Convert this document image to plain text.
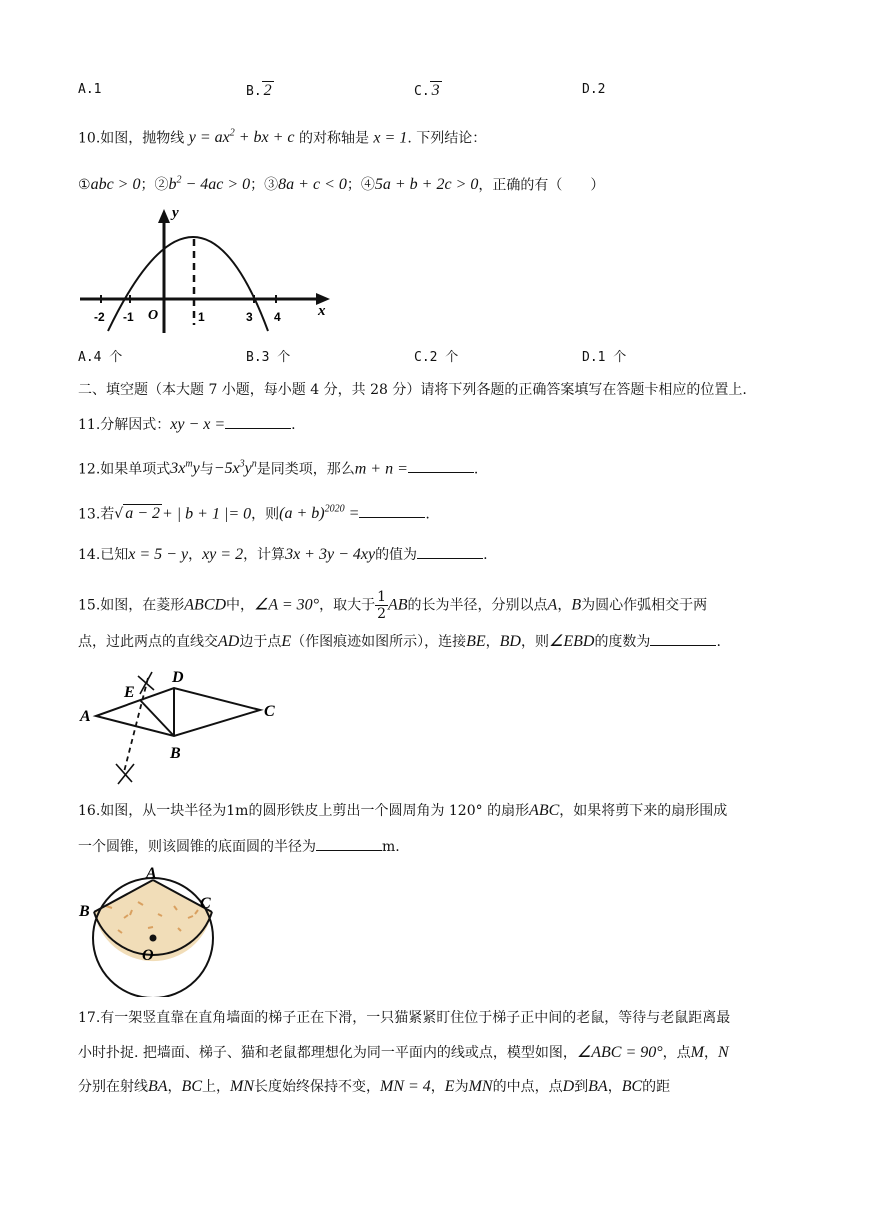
A.1	B. 2	C. 3	D.2
10.如图，抛物线 $y = ax^2$ + bx + c 的对称轴是 x = 1. 下列结论：
①abc > 0；$②b^2 - 4ac > 0$；③8a + c < 0；④5a + b + 2c > 0，正确的有（　　）
y
x
-2 -1 O	1	3 4
A.4 个	B.3 个	C.2 个	D.1 个
二、填空题（本大题 7 小题，每小题 4 分，共 28 分）请将下列各题的正确答案填写在答题卡相应的位置上.
11.分解因式：xy − x =	.
12.如果单项式$3x^my$与$-5x^3y^n$是同类项，那么m + n =	.
13.若√ a − 2 + | b + 1 |= 0，则$(a + b)^{2020}$ =	.
14.已知x = 5 − y，xy = 2，计算3x + 3y − 4xy的值为	.
15.如图，在菱形ABCD中，∠A = 30°，取大于 $\frac{1}{2}$ AB的长为半径，分别以点A，B为圆心作弧相交于两
点，过此两点的直线交AD边于点E（作图痕迹如图所示），连接BE，BD，则∠EBD的度数为	.
A
B
C
D
E
16.如图，从一块半径为1m的圆形铁皮上剪出一个圆周角为 120° 的扇形ABC，如果将剪下来的扇形围成
一个圆锥，则该圆锥的底面圆的半径为	m.
A
B	C
O
17.有一架竖直靠在直角墙面的梯子正在下滑，一只猫紧紧盯住位于梯子正中间的老鼠，等待与老鼠距离最
小时扑捉. 把墙面、梯子、猫和老鼠都理想化为同一平面内的线或点，模型如图，∠ABC = 90°，点M，N
分别在射线BA，BC上，MN长度始终保持不变，MN = 4，E为MN的中点，点D到BA，BC的距
